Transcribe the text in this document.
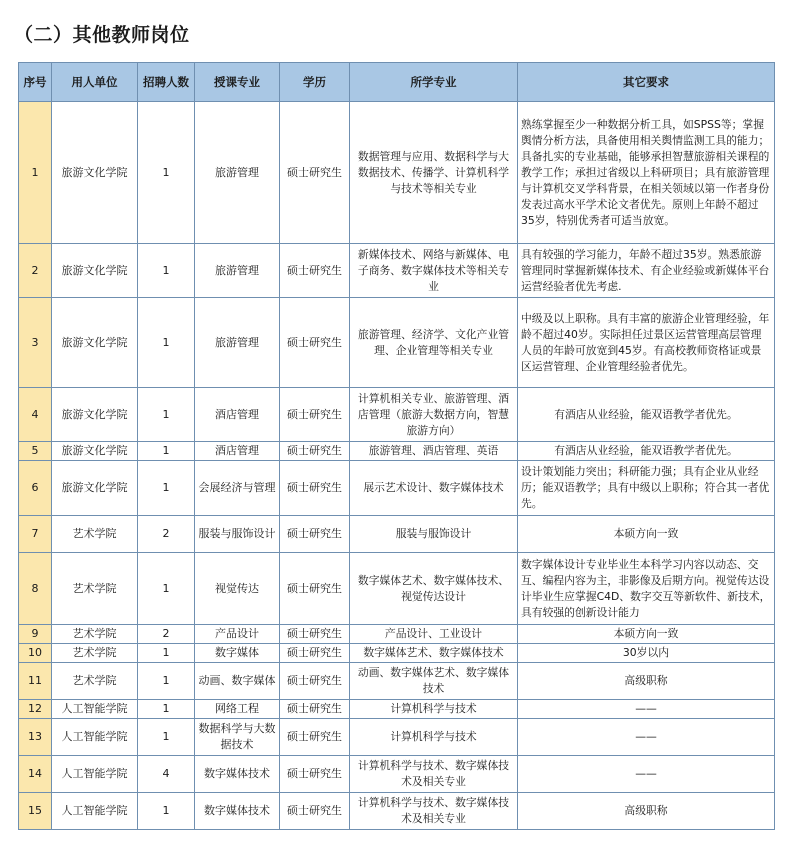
（二）其他教师岗位
序号	用人单位	招聘人数	授课专业	学历	所学专业	其它要求
1	旅游文化学院	1	旅游管理	硕士研究生	数据管理与应用、数据科学与大数据技术、传播学、计算机科学与技术等相关专业	熟练掌握至少一种数据分析工具，如SPSS等；掌握舆情分析方法，具备使用相关舆情监测工具的能力；具备扎实的专业基础，能够承担智慧旅游相关课程的教学工作；承担过省级以上科研项目；具有旅游管理与计算机交叉学科背景，在相关领域以第一作者身份发表过高水平学术论文者优先。原则上年龄不超过35岁，特别优秀者可适当放宽。
2	旅游文化学院	1	旅游管理	硕士研究生	新媒体技术、网络与新媒体、电子商务、数字媒体技术等相关专业	具有较强的学习能力，年龄不超过35岁。熟悉旅游管理同时掌握新媒体技术、有企业经验或新媒体平台运营经验者优先考虑.
3	旅游文化学院	1	旅游管理	硕士研究生	旅游管理、经济学、文化产业管理、企业管理等相关专业	中级及以上职称。具有丰富的旅游企业管理经验，年龄不超过40岁。实际担任过景区运营管理高层管理人员的年龄可放宽到45岁。有高校教师资格证或景区运营管理、企业管理经验者优先。
4	旅游文化学院	1	酒店管理	硕士研究生	计算机相关专业、旅游管理、酒店管理（旅游大数据方向，智慧旅游方向）	有酒店从业经验，能双语教学者优先。
5	旅游文化学院	1	酒店管理	硕士研究生	旅游管理、酒店管理、英语	有酒店从业经验，能双语教学者优先。
6	旅游文化学院	1	会展经济与管理	硕士研究生	展示艺术设计、数字媒体技术	设计策划能力突出；科研能力强；具有企业从业经历；能双语教学；具有中级以上职称；符合其一者优先。
7	艺术学院	2	服装与服饰设计	硕士研究生	服装与服饰设计	本硕方向一致
8	艺术学院	1	视觉传达	硕士研究生	数字媒体艺术、数字媒体技术、视觉传达设计	数字媒体设计专业毕业生本科学习内容以动态、交互、编程内容为主，非影像及后期方向。视觉传达设计毕业生应掌握C4D、数字交互等新软件、新技术，具有较强的创新设计能力
9	艺术学院	2	产品设计	硕士研究生	产品设计、工业设计	本硕方向一致
10	艺术学院	1	数字媒体	硕士研究生	数字媒体艺术、数字媒体技术	30岁以内
11	艺术学院	1	动画、数字媒体	硕士研究生	动画、数字媒体艺术、数字媒体技术	高级职称
12	人工智能学院	1	网络工程	硕士研究生	计算机科学与技术	——
13	人工智能学院	1	数据科学与大数据技术	硕士研究生	计算机科学与技术	——
14	人工智能学院	4	数字媒体技术	硕士研究生	计算机科学与技术、数字媒体技术及相关专业	——
15	人工智能学院	1	数字媒体技术	硕士研究生	计算机科学与技术、数字媒体技术及相关专业	高级职称
